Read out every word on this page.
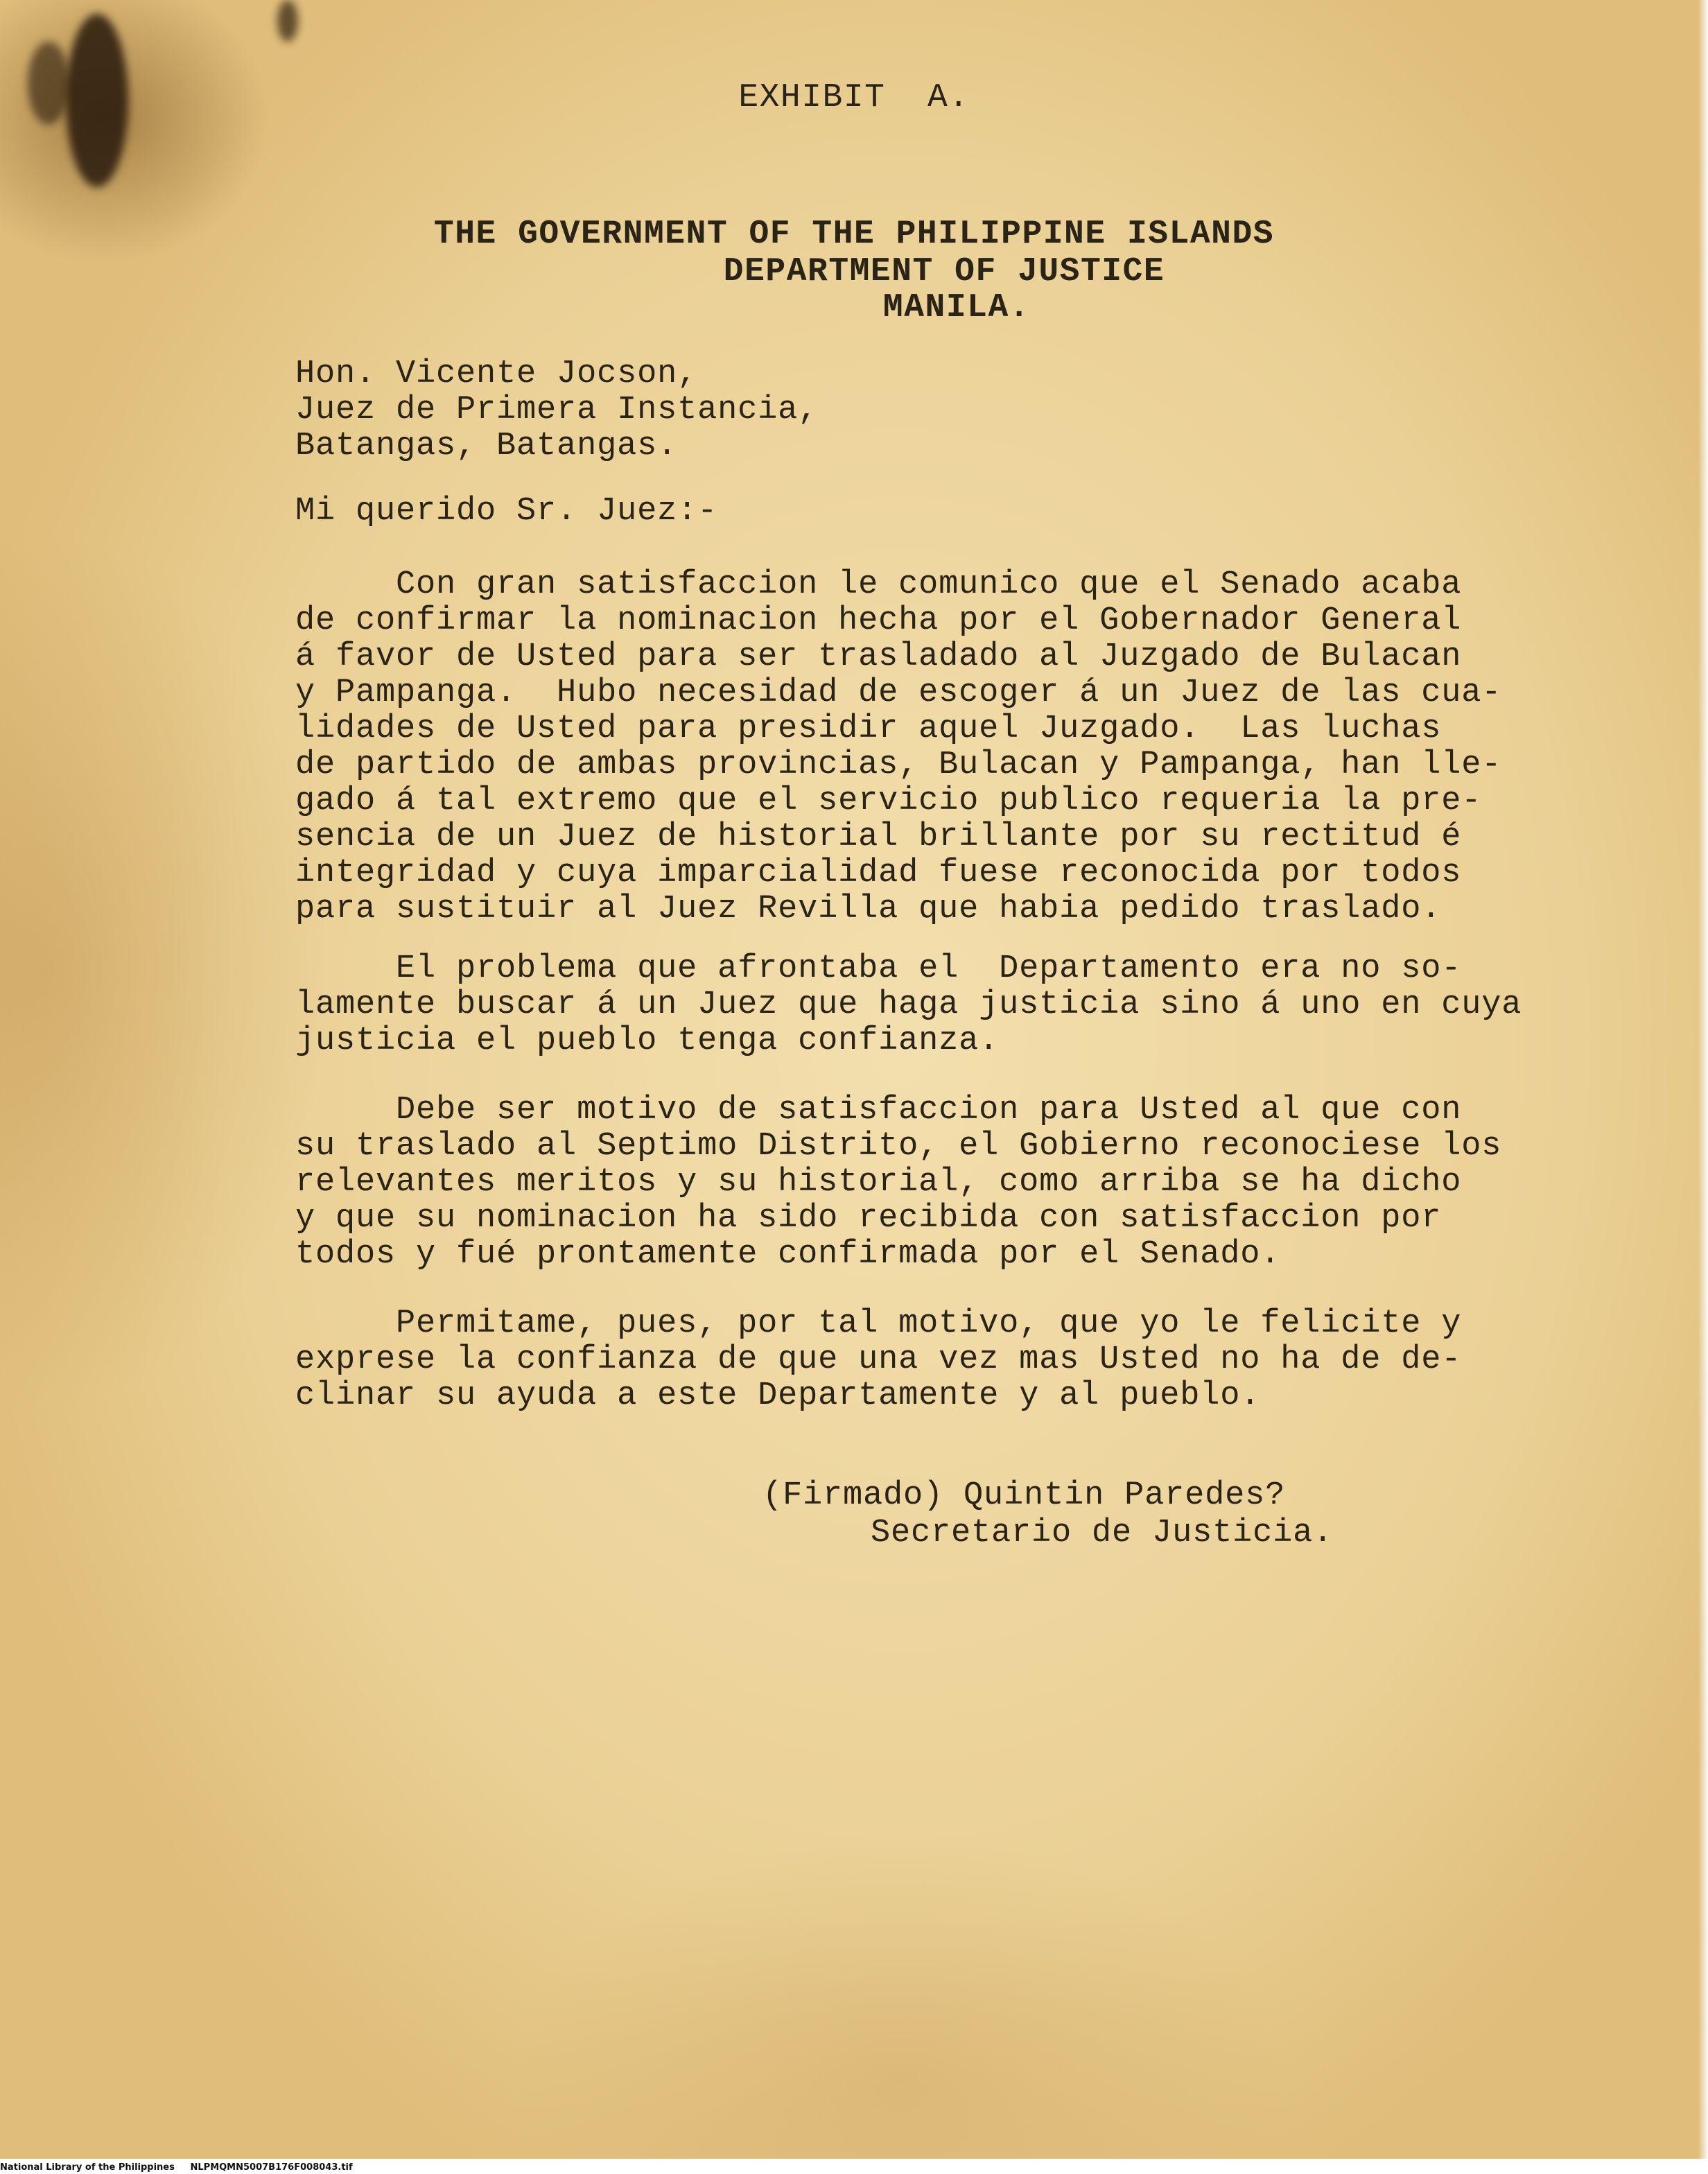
EXHIBIT  A.
THE GOVERNMENT OF THE PHILIPPINE ISLANDS
DEPARTMENT OF JUSTICE
MANILA.
Hon. Vicente Jocson,
Juez de Primera Instancia,
Batangas, Batangas.
Mi querido Sr. Juez:-
Con gran satisfaccion le comunico que el Senado acaba
de confirmar la nominacion hecha por el Gobernador General
á favor de Usted para ser trasladado al Juzgado de Bulacan
y Pampanga.  Hubo necesidad de escoger á un Juez de las cua-
lidades de Usted para presidir aquel Juzgado.  Las luchas
de partido de ambas provincias, Bulacan y Pampanga, han lle-
gado á tal extremo que el servicio publico requeria la pre-
sencia de un Juez de historial brillante por su rectitud é
integridad y cuya imparcialidad fuese reconocida por todos
para sustituir al Juez Revilla que habia pedido traslado.
El problema que afrontaba el  Departamento era no so-
lamente buscar á un Juez que haga justicia sino á uno en cuya
justicia el pueblo tenga confianza.
Debe ser motivo de satisfaccion para Usted al que con
su traslado al Septimo Distrito, el Gobierno reconociese los
relevantes meritos y su historial, como arriba se ha dicho
y que su nominacion ha sido recibida con satisfaccion por
todos y fué prontamente confirmada por el Senado.
Permitame, pues, por tal motivo, que yo le felicite y
exprese la confianza de que una vez mas Usted no ha de de-
clinar su ayuda a este Departamente y al pueblo.
(Firmado) Quintin Paredes?
Secretario de Justicia.
National Library of the Philippines NLPMQMN5007B176F008043.tif
